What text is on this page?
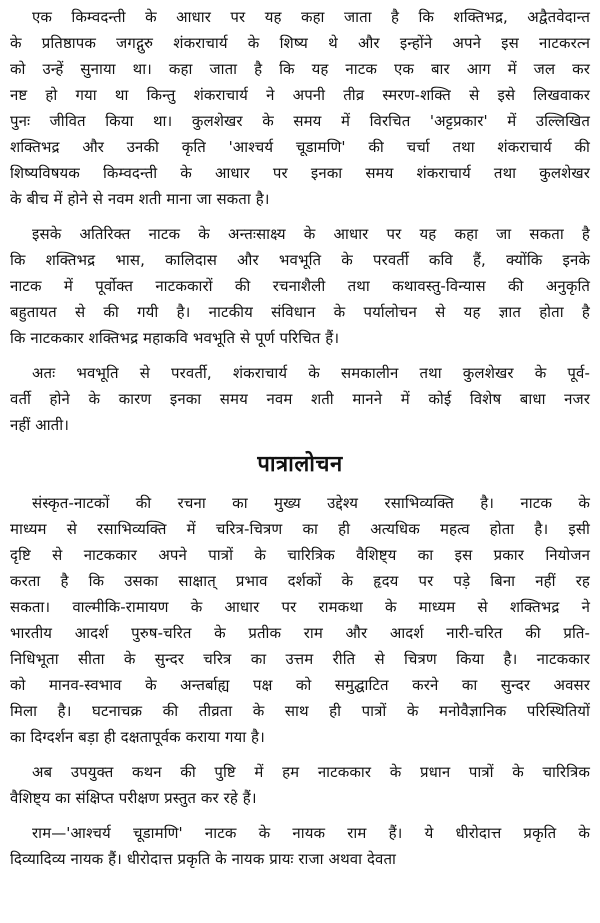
एक किम्वदन्ती के आधार पर यह कहा जाता है कि शक्तिभद्र, अद्वैतवेदान्त
के प्रतिष्ठापक जगद्गुरु शंकराचार्य के शिष्य थे और इन्होंने अपने इस नाटकरत्न
को उन्हें सुनाया था। कहा जाता है कि यह नाटक एक बार आग में जल कर
नष्ट हो गया था किन्तु शंकराचार्य ने अपनी तीव्र स्मरण-शक्ति से इसे लिखवाकर
पुनः जीवित किया था। कुलशेखर के समय में विरचित 'अट्टप्रकार' में उल्लिखित
शक्तिभद्र और उनकी कृति 'आश्चर्य चूडामणि' की चर्चा तथा शंकराचार्य की
शिष्यविषयक किम्वदन्ती के आधार पर इनका समय शंकराचार्य तथा कुलशेखर
के बीच में होने से नवम शती माना जा सकता है।
इसके अतिरिक्त नाटक के अन्तःसाक्ष्य के आधार पर यह कहा जा सकता है
कि शक्तिभद्र भास, कालिदास और भवभूति के परवर्ती कवि हैं, क्योंकि इनके
नाटक में पूर्वोक्त नाटककारों की रचनाशैली तथा कथावस्तु-विन्यास की अनुकृति
बहुतायत से की गयी है। नाटकीय संविधान के पर्यालोचन से यह ज्ञात होता है
कि नाटककार शक्तिभद्र महाकवि भवभूति से पूर्ण परिचित हैं।
अतः भवभूति से परवर्ती, शंकराचार्य के समकालीन तथा कुलशेखर के पूर्व-
वर्ती होने के कारण इनका समय नवम शती मानने में कोई विशेष बाधा नजर
नहीं आती।
पात्रालोचन
संस्कृत-नाटकों की रचना का मुख्य उद्देश्य रसाभिव्यक्ति है। नाटक के
माध्यम से रसाभिव्यक्ति में चरित्र-चित्रण का ही अत्यधिक महत्व होता है। इसी
दृष्टि से नाटककार अपने पात्रों के चारित्रिक वैशिष्ट्य का इस प्रकार नियोजन
करता है कि उसका साक्षात् प्रभाव दर्शकों के हृदय पर पड़े बिना नहीं रह
सकता। वाल्मीकि-रामायण के आधार पर रामकथा के माध्यम से शक्तिभद्र ने
भारतीय आदर्श पुरुष-चरित के प्रतीक राम और आदर्श नारी-चरित की प्रति-
निधिभूता सीता के सुन्दर चरित्र का उत्तम रीति से चित्रण किया है। नाटककार
को मानव-स्वभाव के अन्तर्बाह्य पक्ष को समुद्घाटित करने का सुन्दर अवसर
मिला है। घटनाचक्र की तीव्रता के साथ ही पात्रों के मनोवैज्ञानिक परिस्थितियों
का दिग्दर्शन बड़ा ही दक्षतापूर्वक कराया गया है।
अब उपयुक्त कथन की पुष्टि में हम नाटककार के प्रधान पात्रों के चारित्रिक
वैशिष्ट्य का संक्षिप्त परीक्षण प्रस्तुत कर रहे हैं।
राम—'आश्चर्य चूडामणि' नाटक के नायक राम हैं। ये धीरोदात्त प्रकृति के
दिव्यादिव्य नायक हैं। धीरोदात्त प्रकृति के नायक प्रायः राजा अथवा देवता
